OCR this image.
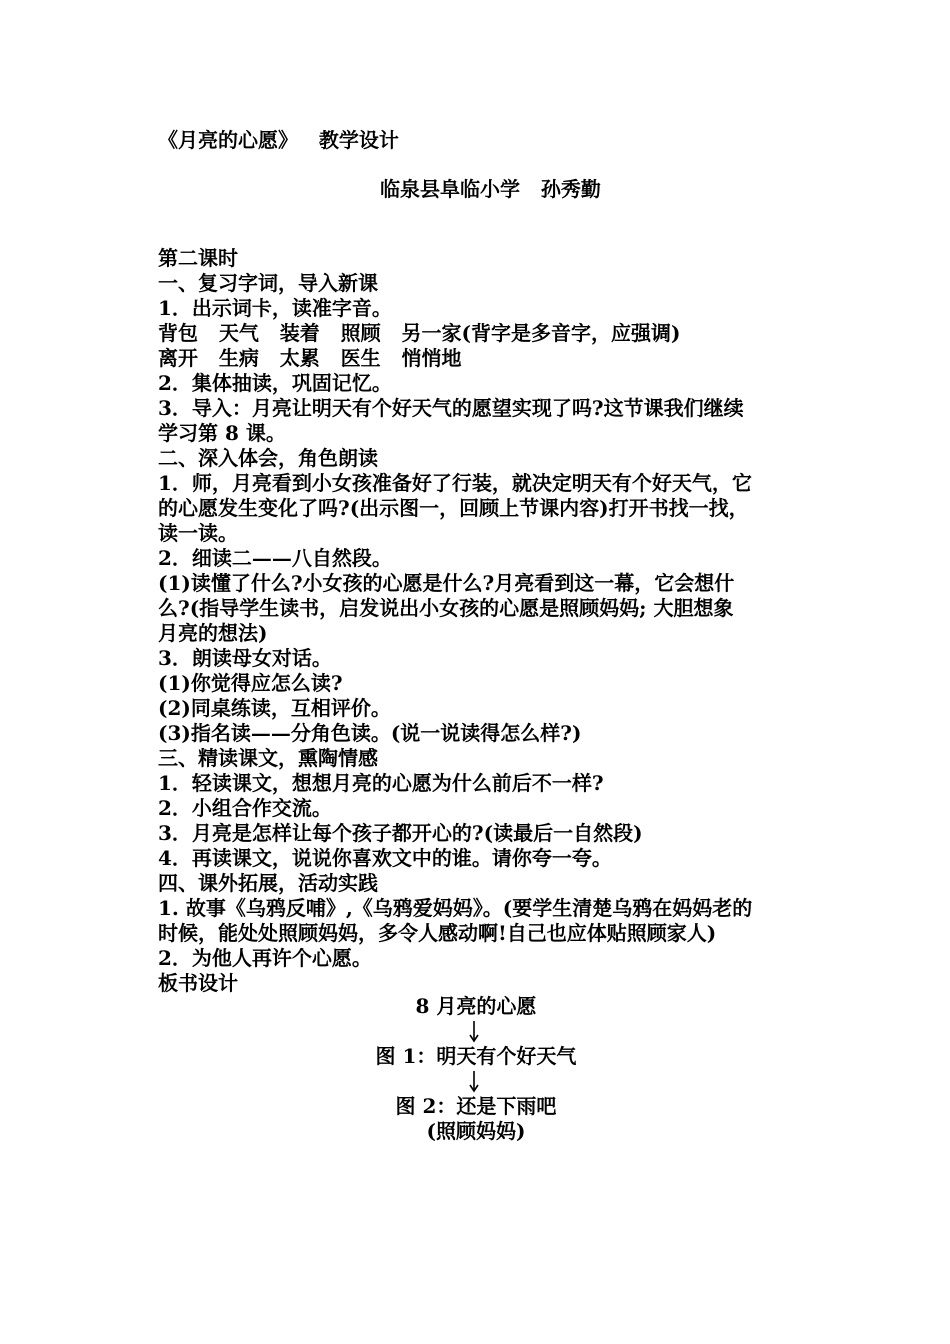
《月亮的心愿》   教学设计
临泉县阜临小学   孙秀勤
第二课时
一、复习字词，导入新课
1．出示词卡，读准字音。
背包   天气   装着   照顾   另一家(背字是多音字，应强调)
离开   生病   太累   医生   悄悄地
2．集体抽读，巩固记忆。
3．导入：月亮让明天有个好天气的愿望实现了吗?这节课我们继续
学习第 8 课。
二、深入体会，角色朗读
1．师，月亮看到小女孩准备好了行装，就决定明天有个好天气，它
的心愿发生变化了吗?(出示图一，回顾上节课内容)打开书找一找，
读一读。
2．细读二——八自然段。
(1)读懂了什么?小女孩的心愿是什么?月亮看到这一幕，它会想什
么?(指导学生读书，启发说出小女孩的心愿是照顾妈妈; 大胆想象
月亮的想法)
3．朗读母女对话。
(1)你觉得应怎么读?
(2)同桌练读，互相评价。
(3)指名读——分角色读。(说一说读得怎么样?)
三、精读课文，熏陶情感
1．轻读课文，想想月亮的心愿为什么前后不一样?
2．小组合作交流。
3．月亮是怎样让每个孩子都开心的?(读最后一自然段)
4．再读课文，说说你喜欢文中的谁。请你夸一夸。
四、课外拓展，活动实践
1. 故事《乌鸦反哺》,《乌鸦爱妈妈》。(要学生清楚乌鸦在妈妈老的
时候，能处处照顾妈妈，多令人感动啊!自己也应体贴照顾家人)
2．为他人再许个心愿。
板书设计
8 月亮的心愿
图 1：明天有个好天气
图 2：还是下雨吧
(照顾妈妈)
